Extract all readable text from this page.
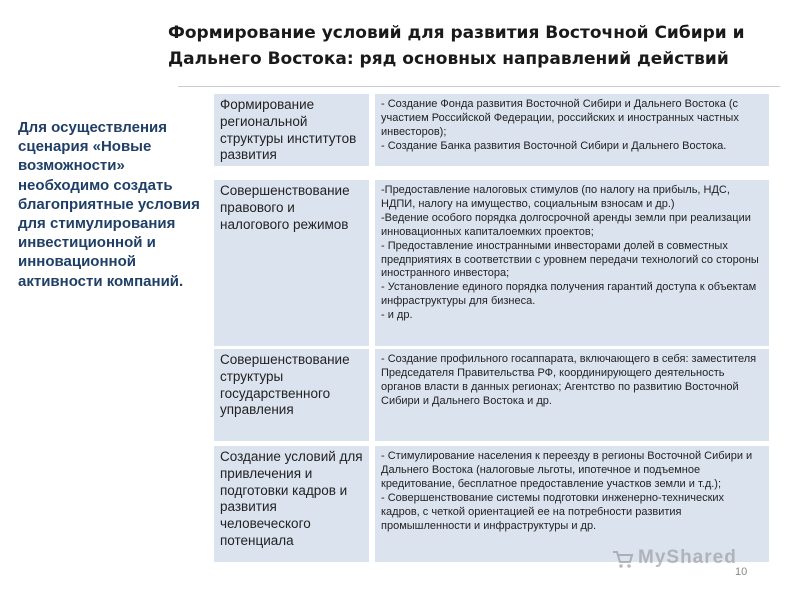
Формирование условий для развития Восточной Сибири и Дальнего Востока: ряд основных направлений действий
Для осуществления сценария «Новые возможности» необходимо создать благоприятные условия для стимулирования инвестиционной и инновационной активности компаний.
Формирование региональной структуры институтов развития
- Создание Фонда развития Восточной Сибири и Дальнего Востока (с участием Российской Федерации, российских и иностранных частных инвесторов);
- Создание Банка развития Восточной Сибири и Дальнего Востока.
Совершенствование правового и налогового режимов
-Предоставление налоговых стимулов (по налогу на прибыль, НДС, НДПИ, налогу на имущество, социальным взносам и др.)
-Ведение особого порядка долгосрочной аренды земли при реализации инновационных капиталоемких проектов;
- Предоставление иностранными инвесторами долей в совместных предприятиях в соответствии с уровнем передачи технологий со стороны иностранного инвестора;
- Установление единого порядка получения гарантий доступа к объектам инфраструктуры для бизнеса.
- и др.
Совершенствование структуры государственного управления
- Создание профильного госаппарата, включающего в себя: заместителя Председателя Правительства РФ, координирующего деятельность органов власти в данных регионах; Агентство по развитию Восточной Сибири и Дальнего Востока и др.
Создание условий для привлечения и подготовки кадров и развития человеческого потенциала
- Стимулирование населения к переезду в регионы Восточной Сибири и Дальнего Востока (налоговые льготы, ипотечное и подъемное кредитование, бесплатное предоставление участков земли и т.д.);
- Совершенствование системы подготовки инженерно-технических кадров, с четкой ориентацией ее на потребности развития промышленности и инфраструктуры и др.
MyShared
10
